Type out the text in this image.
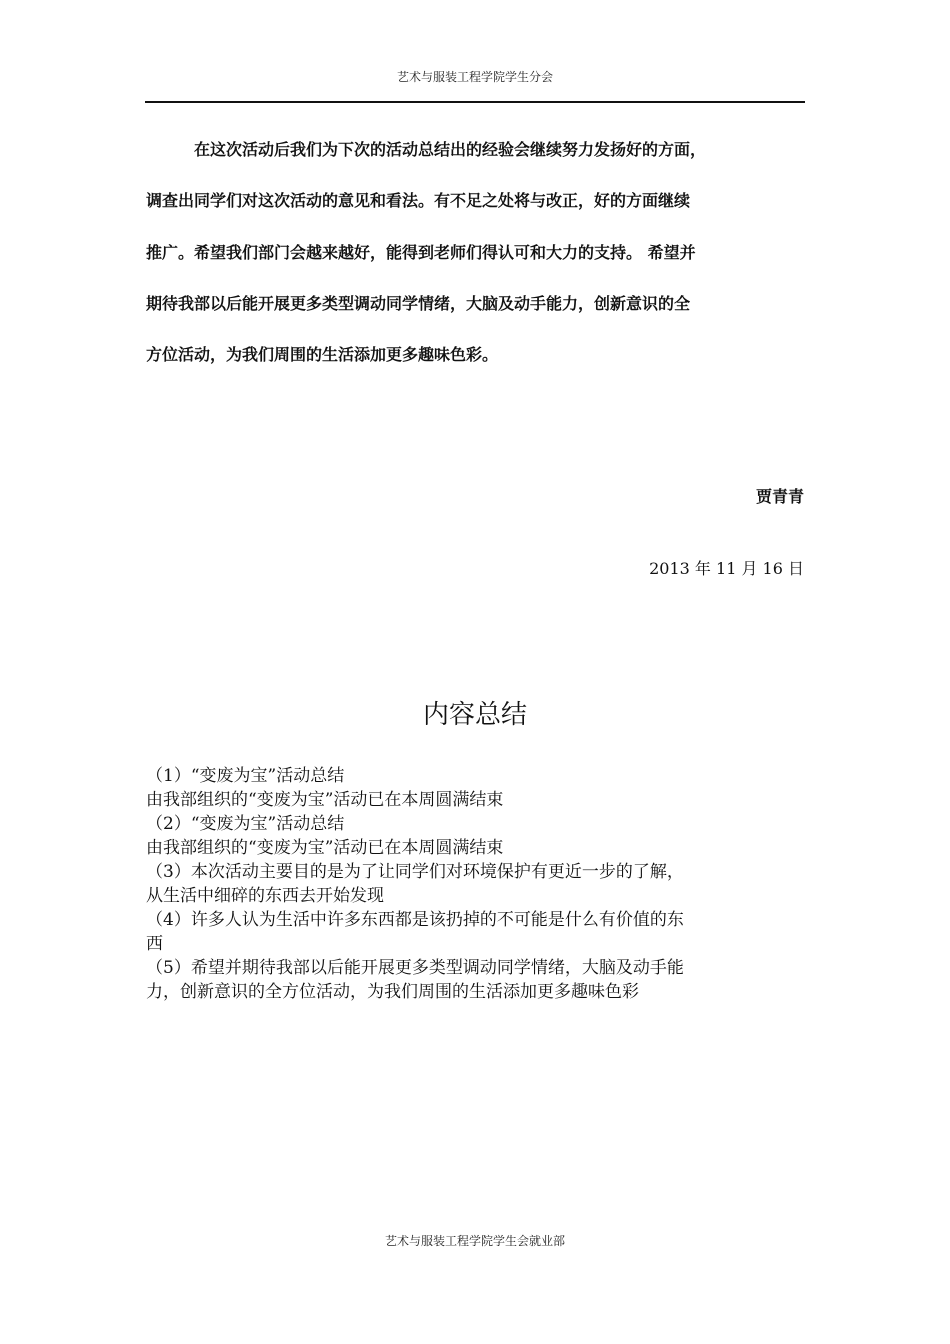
艺术与服装工程学院学生分会
在这次活动后我们为下次的活动总结出的经验会继续努力发扬好的方面，
调查出同学们对这次活动的意见和看法。有不足之处将与改正，好的方面继续
推广。希望我们部门会越来越好，能得到老师们得认可和大力的支持。 希望并
期待我部以后能开展更多类型调动同学情绪，大脑及动手能力，创新意识的全
方位活动，为我们周围的生活添加更多趣味色彩。
贾青青
2013 年 11 月 16 日
内容总结
（1）“变废为宝”活动总结
由我部组织的“变废为宝”活动已在本周圆满结束
（2）“变废为宝”活动总结
由我部组织的“变废为宝”活动已在本周圆满结束
（3）本次活动主要目的是为了让同学们对环境保护有更近一步的了解，
从生活中细碎的东西去开始发现
（4）许多人认为生活中许多东西都是该扔掉的不可能是什么有价值的东
西
（5）希望并期待我部以后能开展更多类型调动同学情绪，大脑及动手能
力，创新意识的全方位活动，为我们周围的生活添加更多趣味色彩
艺术与服装工程学院学生会就业部
